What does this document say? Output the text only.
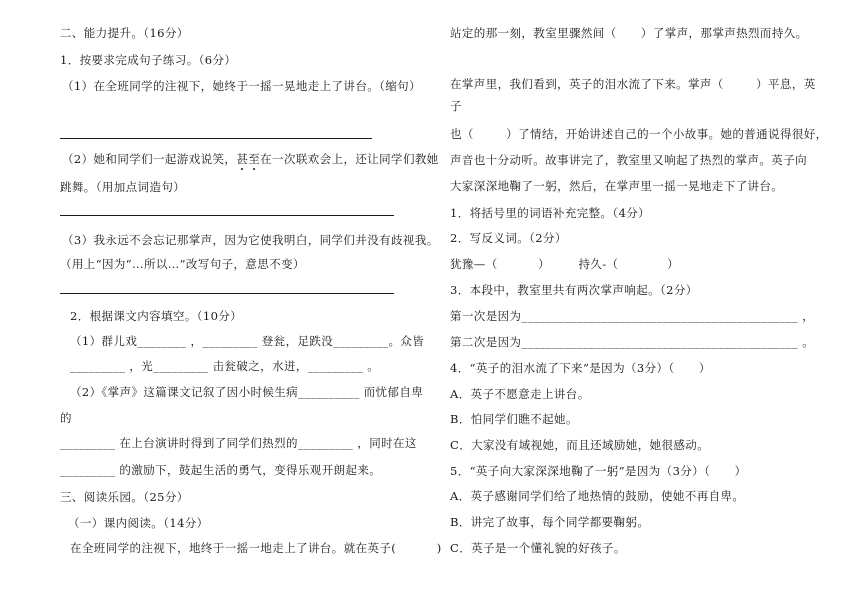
二、能力提升。（16分）
1．按要求完成句子练习。（6分）
（1）在全班同学的注视下，她终于一摇一晃地走上了讲台。（缩句）
（2）她和同学们一起游戏说笑，甚至在一次联欢会上，还让同学们教她
跳舞。（用加点词造句）
（3）我永远不会忘记那掌声，因为它使我明白，同学们并没有歧视我。
（用上“因为“…所以…”改写句子，意思不变）
2．根据课文内容填空。（10分）
（1）群儿戏________ ，_________ 登瓮，足跌没_________。众皆
_________ ，光_________ 击瓮破之，水迸，_________ 。
（2）《掌声》这篇课文记叙了因小时候生病__________ 而忧郁自卑
的
_________ 在上台演讲时得到了同学们热烈的_________ ，同时在这
_________ 的激励下，鼓起生活的勇气，变得乐观开朗起来。
三、阅读乐园。（25分）
（一）课内阅读。（14分）
在全班同学的注视下，地终于一摇一地走上了讲台。就在英子(          )
站定的那一刻，教室里骤然间（      ）了掌声，那掌声热烈而持久。
在掌声里，我们看到，英子的泪水流了下来。掌声（        ）平息，英
子
也（        ）了情结，开始讲述自己的一个小故事。她的普通说得很好，
声音也十分动听。故事讲完了，教室里又响起了热烈的掌声。英子向
大家深深地鞠了一躬，然后，在掌声里一摇一晃地走下了讲台。
1．将括号里的词语补充完整。（4分）
2．写反义词。（2分）
犹豫—（          ）       持久-（            ）
3．本段中，教室里共有两次掌声响起。（2分）
第一次是因为_____________________________________________ ，
第二次是因为_____________________________________________ 。
4．“英子的泪水流了下来”是因为（3分）（      ）
A．英子不愿意走上讲台。
B．怕同学们瞧不起她。
C．大家没有域视她，而且还域励她，她很感动。
5．“英子向大家深深地鞠了一躬”是因为（3分）（      ）
A．英子感谢同学们给了地热情的鼓励，使她不再自卑。
B．讲完了故事，每个同学都要鞠躬。
C．英子是一个懂礼貌的好孩子。
